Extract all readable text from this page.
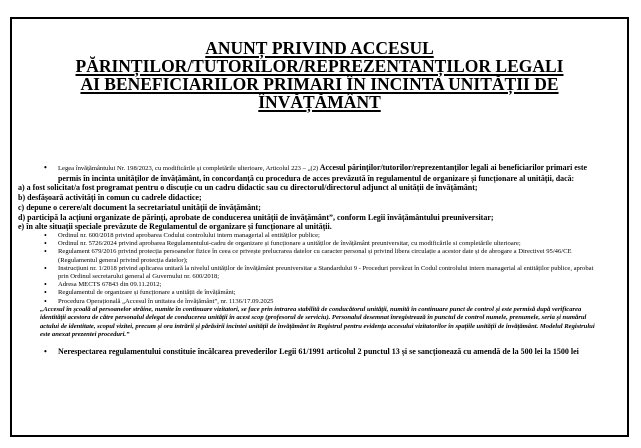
ANUNȚ PRIVIND ACCESUL
PĂRINȚILOR/TUTORILOR/REPREZENTANȚILOR LEGALI
AI BENEFICIARILOR PRIMARI ÎN INCINTA UNITĂȚII DE
ÎNVĂȚĂMÂNT
• Legea învățământului Nr. 198/2023, cu modificările și completările ulterioare, Articolul 223 – „(2) Accesul părinților/tutorilor/reprezentanților legali ai beneficiarilor primari este permis în incinta unităților de învățământ, în concordanță cu procedura de acces prevăzută în regulamentul de organizare și funcționare al unității, dacă:
a) a fost solicitat/a fost programat pentru o discuție cu un cadru didactic sau cu directorul/directorul adjunct al unității de învățământ;
b) desfășoară activități în comun cu cadrele didactice;
c) depune o cerere/alt document la secretariatul unității de învățământ;
d) participă la acțiuni organizate de părinți, aprobate de conducerea unității de învățământ”, conform Legii învățământului preuniversitar;
e) în alte situații speciale prevăzute de Regulamentul de organizare și funcționare al unității.
• Ordinul nr. 600/2018 privind aprobarea Codului controlului intern managerial al entităților publice;
• Ordinul nr. 5726/2024 privind aprobarea Regulamentului-cadru de organizare și funcționare a unităților de învățământ preuniversitar, cu modificările si completările ulterioare;
• Regulament 679/2016 privind protecția persoanelor fizice în ceea ce privește prelucrarea datelor cu caracter personal și privind libera circulație a acestor date și de abrogare a Directivei 95/46/CE (Regulamentul general privind protecția datelor);
• Instrucțiuni nr. 1/2018 privind aplicarea unitară la nivelul unităților de învățământ preuniversitar a Standardului 9 - Proceduri prevăzut în Codul controlului intern managerial al entităților publice, aprobat prin Ordinul secretarului general al Guvernului nr. 600/2018;
• Adresa MECTS 67843 din 09.11.2012;
• Regulamentul de organizare și funcționare a unității de învățământ;
• Procedura Operațională „Accesul în unitatea de învățământ”, nr. 1136/17.09.2025
„Accesul în școală al persoanelor străine, numite în continuare vizitatori, se face prin intrarea stabilită de conducătorul unității, numită în continuare punct de control și este permisă după verificarea identității acestora de către personalul delegat de conducerea unității în acest scop (profesorul de serviciu). Personalul desemnat înregistrează în punctul de control numele, prenumele, seria și numărul actului de identitate, scopul vizitei, precum și ora intrării și părăsirii incintei unității de învățământ în Registrul pentru evidența accesului vizitatorilor în spațiile unității de învățământ. Modelul Registrului este anexat prezentei proceduri.”
• Nerespectarea regulamentului constituie încălcarea prevederilor Legii 61/1991 articolul 2 punctul 13 și se sancționează cu amendă de la 500 lei la 1500 lei
